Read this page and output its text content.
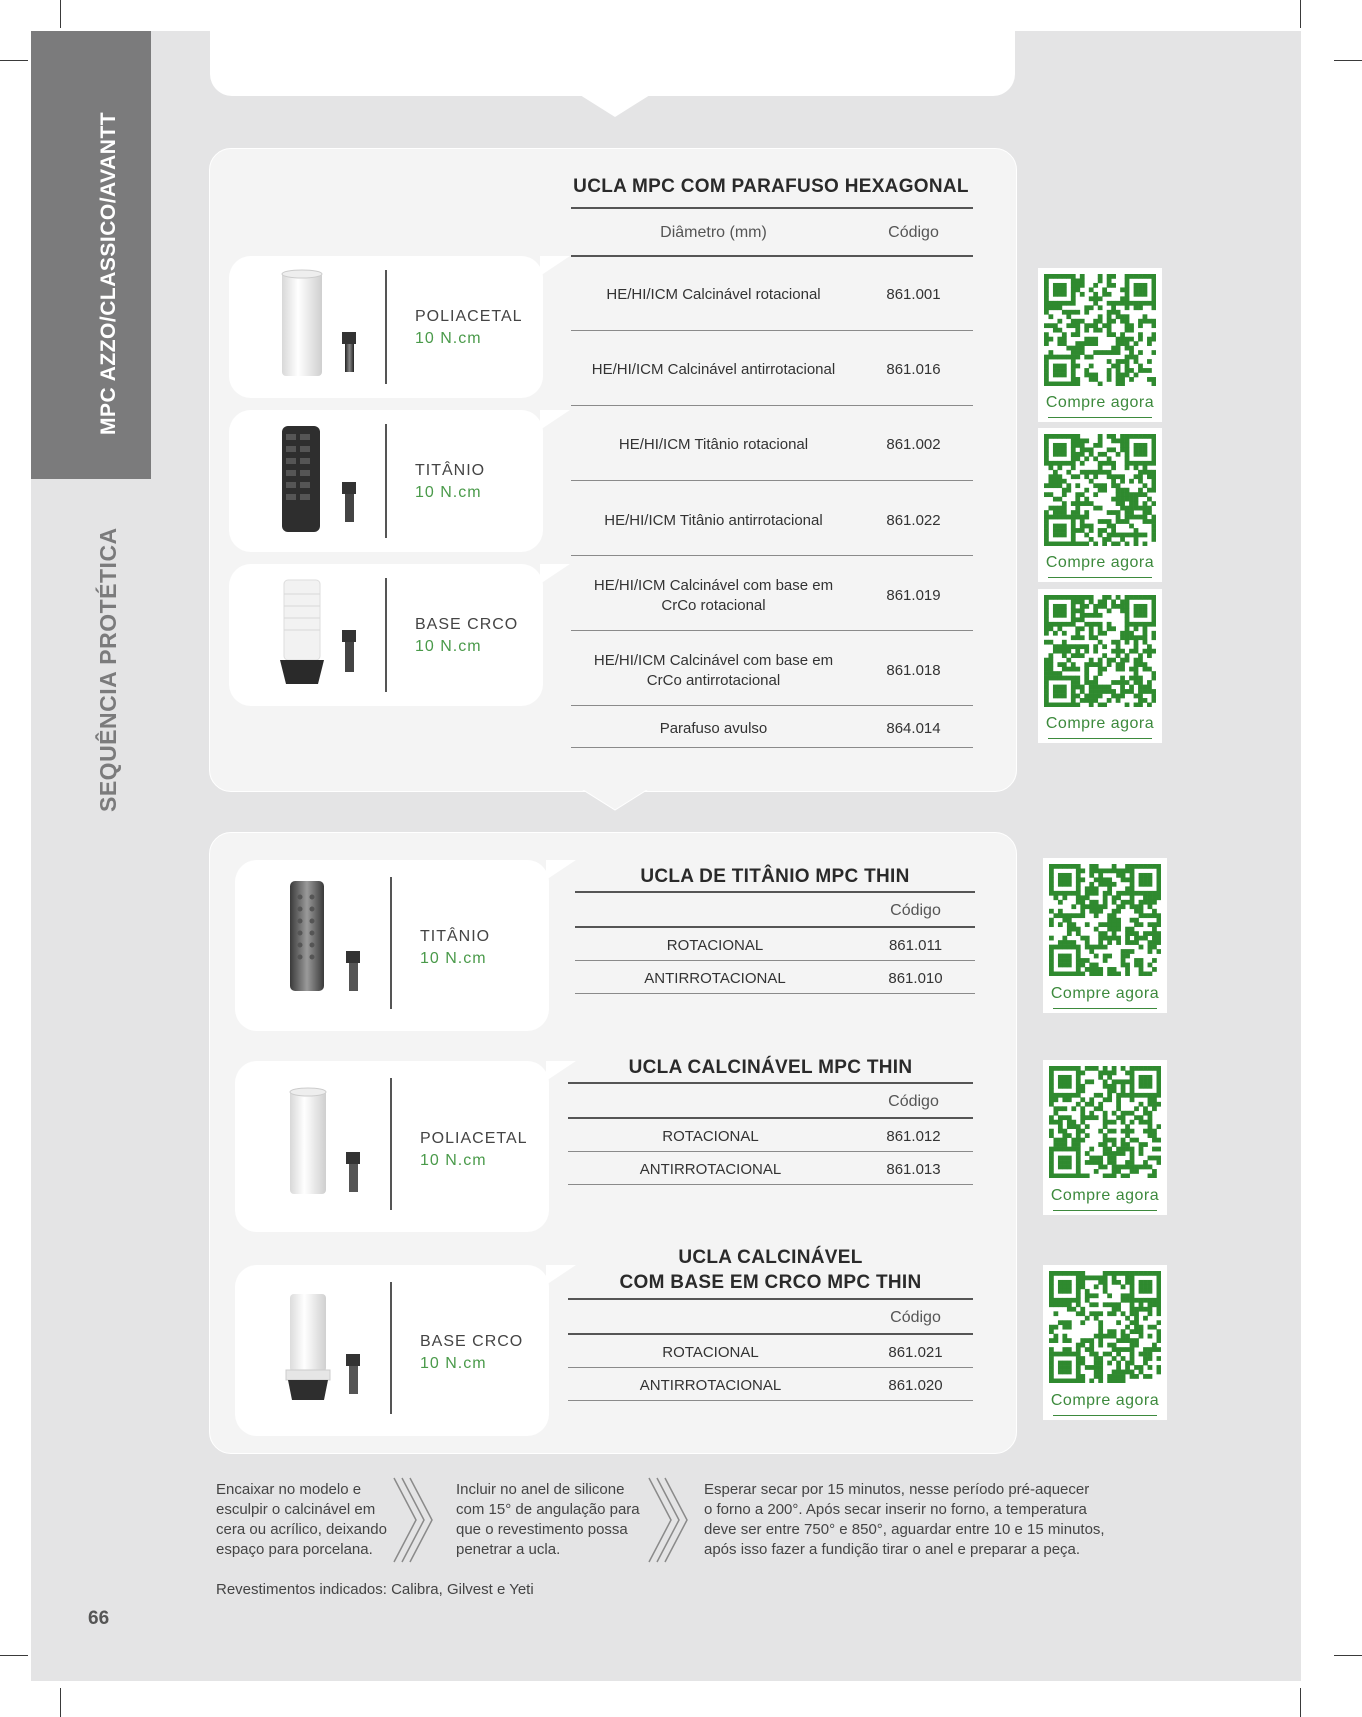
MPC AZZO/CLASSICO/AVANTT
SEQUÊNCIA PROTÉTICA
UCLA MPC COM PARAFUSO HEXAGONAL
Diâmetro (mm)	Código
HE/HI/ICM Calcinável rotacional	861.001
HE/HI/ICM Calcinável antirrotacional	861.016
HE/HI/ICM Titânio rotacional	861.002
HE/HI/ICM Titânio antirrotacional	861.022
HE/HI/ICM Calcinável com base em CrCo rotacional
861.019
HE/HI/ICM Calcinável com base em CrCo antirrotacional
861.018
Parafuso avulso	864.014
POLIACETAL
10 N.cm
TITÂNIO
10 N.cm
BASE CRCO
10 N.cm
Compre agora
Compre agora
Compre agora
TITÂNIO
10 N.cm
UCLA DE TITÂNIO MPC THIN
Código
ROTACIONAL	861.011
ANTIRROTACIONAL	861.010
Compre agora
POLIACETAL
10 N.cm
UCLA CALCINÁVEL MPC THIN
Código
ROTACIONAL	861.012
ANTIRROTACIONAL	861.013
Compre agora
BASE CRCO
10 N.cm
UCLA CALCINÁVEL
COM BASE EM CRCO MPC THIN
Código
ROTACIONAL	861.021
ANTIRROTACIONAL	861.020
Compre agora
Encaixar no modelo e
esculpir o calcinável em
cera ou acrílico, deixando
espaço para porcelana.
Incluir no anel de silicone
com 15° de angulação para
que o revestimento possa
penetrar a ucla.
Esperar secar por 15 minutos, nesse período pré-aquecer
o forno a 200°. Após secar inserir no forno, a temperatura
deve ser entre 750° e 850°, aguardar entre 10 e 15 minutos,
após isso fazer a fundição tirar o anel e preparar a peça.
Revestimentos indicados: Calibra, Gilvest e Yeti
66
